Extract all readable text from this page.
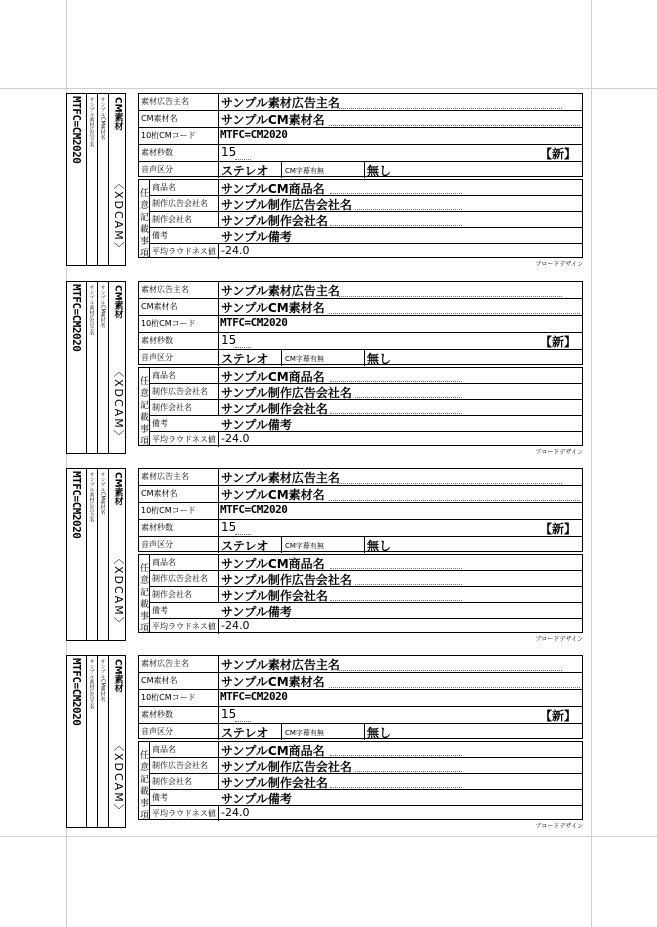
MTFC=CM2020 サンプル素材広告主名 サンプルCM素材名 CM素材
〈XDCAM〉
素材広告主名	サンプル素材広告主名
CM素材名	サンプルCM素材名
10桁CMコード MTFC=CM2020
素材秒数	15	【新】
音声区分	ステレオ CM字幕有無	無し
任意記載事項
商品名	サンプルCM商品名
制作広告会社名 サンプル制作広告会社名
制作会社名 サンプル制作会社名
備考	サンプル備考
平均ラウドネス値 -24.0
ブロードデザイン
MTFC=CM2020 サンプル素材広告主名 サンプルCM素材名 CM素材
〈XDCAM〉
素材広告主名	サンプル素材広告主名
CM素材名	サンプルCM素材名
10桁CMコード MTFC=CM2020
素材秒数	15	【新】
音声区分	ステレオ CM字幕有無	無し
任意記載事項
商品名	サンプルCM商品名
制作広告会社名 サンプル制作広告会社名
制作会社名 サンプル制作会社名
備考	サンプル備考
平均ラウドネス値 -24.0
ブロードデザイン
MTFC=CM2020 サンプル素材広告主名 サンプルCM素材名 CM素材
〈XDCAM〉
素材広告主名	サンプル素材広告主名
CM素材名	サンプルCM素材名
10桁CMコード MTFC=CM2020
素材秒数	15	【新】
音声区分	ステレオ CM字幕有無	無し
任意記載事項
商品名	サンプルCM商品名
制作広告会社名 サンプル制作広告会社名
制作会社名 サンプル制作会社名
備考	サンプル備考
平均ラウドネス値 -24.0
ブロードデザイン
MTFC=CM2020 サンプル素材広告主名 サンプルCM素材名 CM素材
〈XDCAM〉
素材広告主名	サンプル素材広告主名
CM素材名	サンプルCM素材名
10桁CMコード MTFC=CM2020
素材秒数	15	【新】
音声区分	ステレオ CM字幕有無	無し
任意記載事項
商品名	サンプルCM商品名
制作広告会社名 サンプル制作広告会社名
制作会社名 サンプル制作会社名
備考	サンプル備考
平均ラウドネス値 -24.0
ブロードデザイン
